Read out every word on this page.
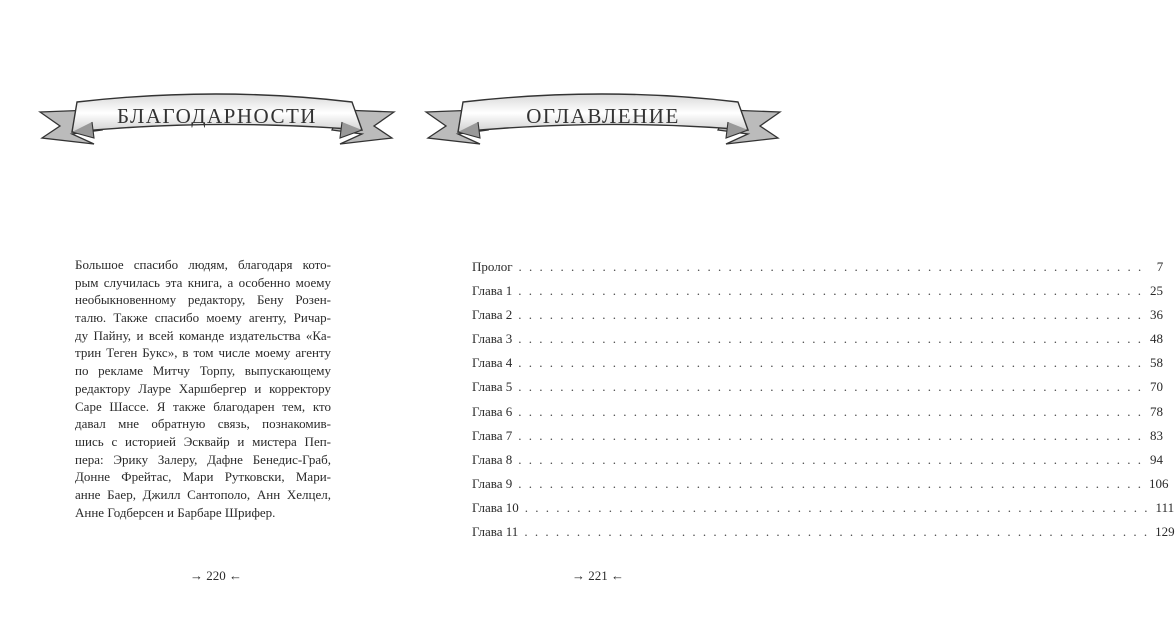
БЛАГОДАРНОСТИ	ОГЛАВЛЕНИЕ
Большое спасибо людям, благодаря кото-
рым случилась эта книга, а особенно моему
необыкновенному редактору, Бену Розен-
талю. Также спасибо моему агенту, Ричар-
ду Пайну, и всей команде издательства «Ка-
трин Теген Букс», в том числе моему агенту
по рекламе Митчу Торпу, выпускающему
редактору Лауре Харшбергер и корректору
Саре Шассе. Я также благодарен тем, кто
давал мне обратную связь, познакомив-
шись с историей Эсквайр и мистера Пеп-
пера: Эрику Залеру, Дафне Бенедис-Граб,
Донне Фрейтас, Мари Рутковски, Мари-
анне Баер, Джилл Сантополо, Анн Хелцел,
Анне Годберсен и Барбаре Шрифер.
Пролог . . . . . . . . . . . . . . . . . . . . . . . . . . . . . . . . . . . . . . . . . . . . . . . . . . . . . . . . . . . .	7
Глава 1 . . . . . . . . . . . . . . . . . . . . . . . . . . . . . . . . . . . . . . . . . . . . . . . . . . . . . . . . . . . . 25
Глава 2 . . . . . . . . . . . . . . . . . . . . . . . . . . . . . . . . . . . . . . . . . . . . . . . . . . . . . . . . . . . . 36
Глава 3 . . . . . . . . . . . . . . . . . . . . . . . . . . . . . . . . . . . . . . . . . . . . . . . . . . . . . . . . . . . . 48
Глава 4 . . . . . . . . . . . . . . . . . . . . . . . . . . . . . . . . . . . . . . . . . . . . . . . . . . . . . . . . . . . . 58
Глава 5 . . . . . . . . . . . . . . . . . . . . . . . . . . . . . . . . . . . . . . . . . . . . . . . . . . . . . . . . . . . . 70
Глава 6 . . . . . . . . . . . . . . . . . . . . . . . . . . . . . . . . . . . . . . . . . . . . . . . . . . . . . . . . . . . . 78
Глава 7 . . . . . . . . . . . . . . . . . . . . . . . . . . . . . . . . . . . . . . . . . . . . . . . . . . . . . . . . . . . . 83
Глава 8 . . . . . . . . . . . . . . . . . . . . . . . . . . . . . . . . . . . . . . . . . . . . . . . . . . . . . . . . . . . . 94
Глава 9 . . . . . . . . . . . . . . . . . . . . . . . . . . . . . . . . . . . . . . . . . . . . . . . . . . . . . . . . . . . . 106
Глава 10 . . . . . . . . . . . . . . . . . . . . . . . . . . . . . . . . . . . . . . . . . . . . . . . . . . . . . . . . . . . . 111
Глава 11 . . . . . . . . . . . . . . . . . . . . . . . . . . . . . . . . . . . . . . . . . . . . . . . . . . . . . . . . . . . . 129
→ 220 ←	→ 221 ←
